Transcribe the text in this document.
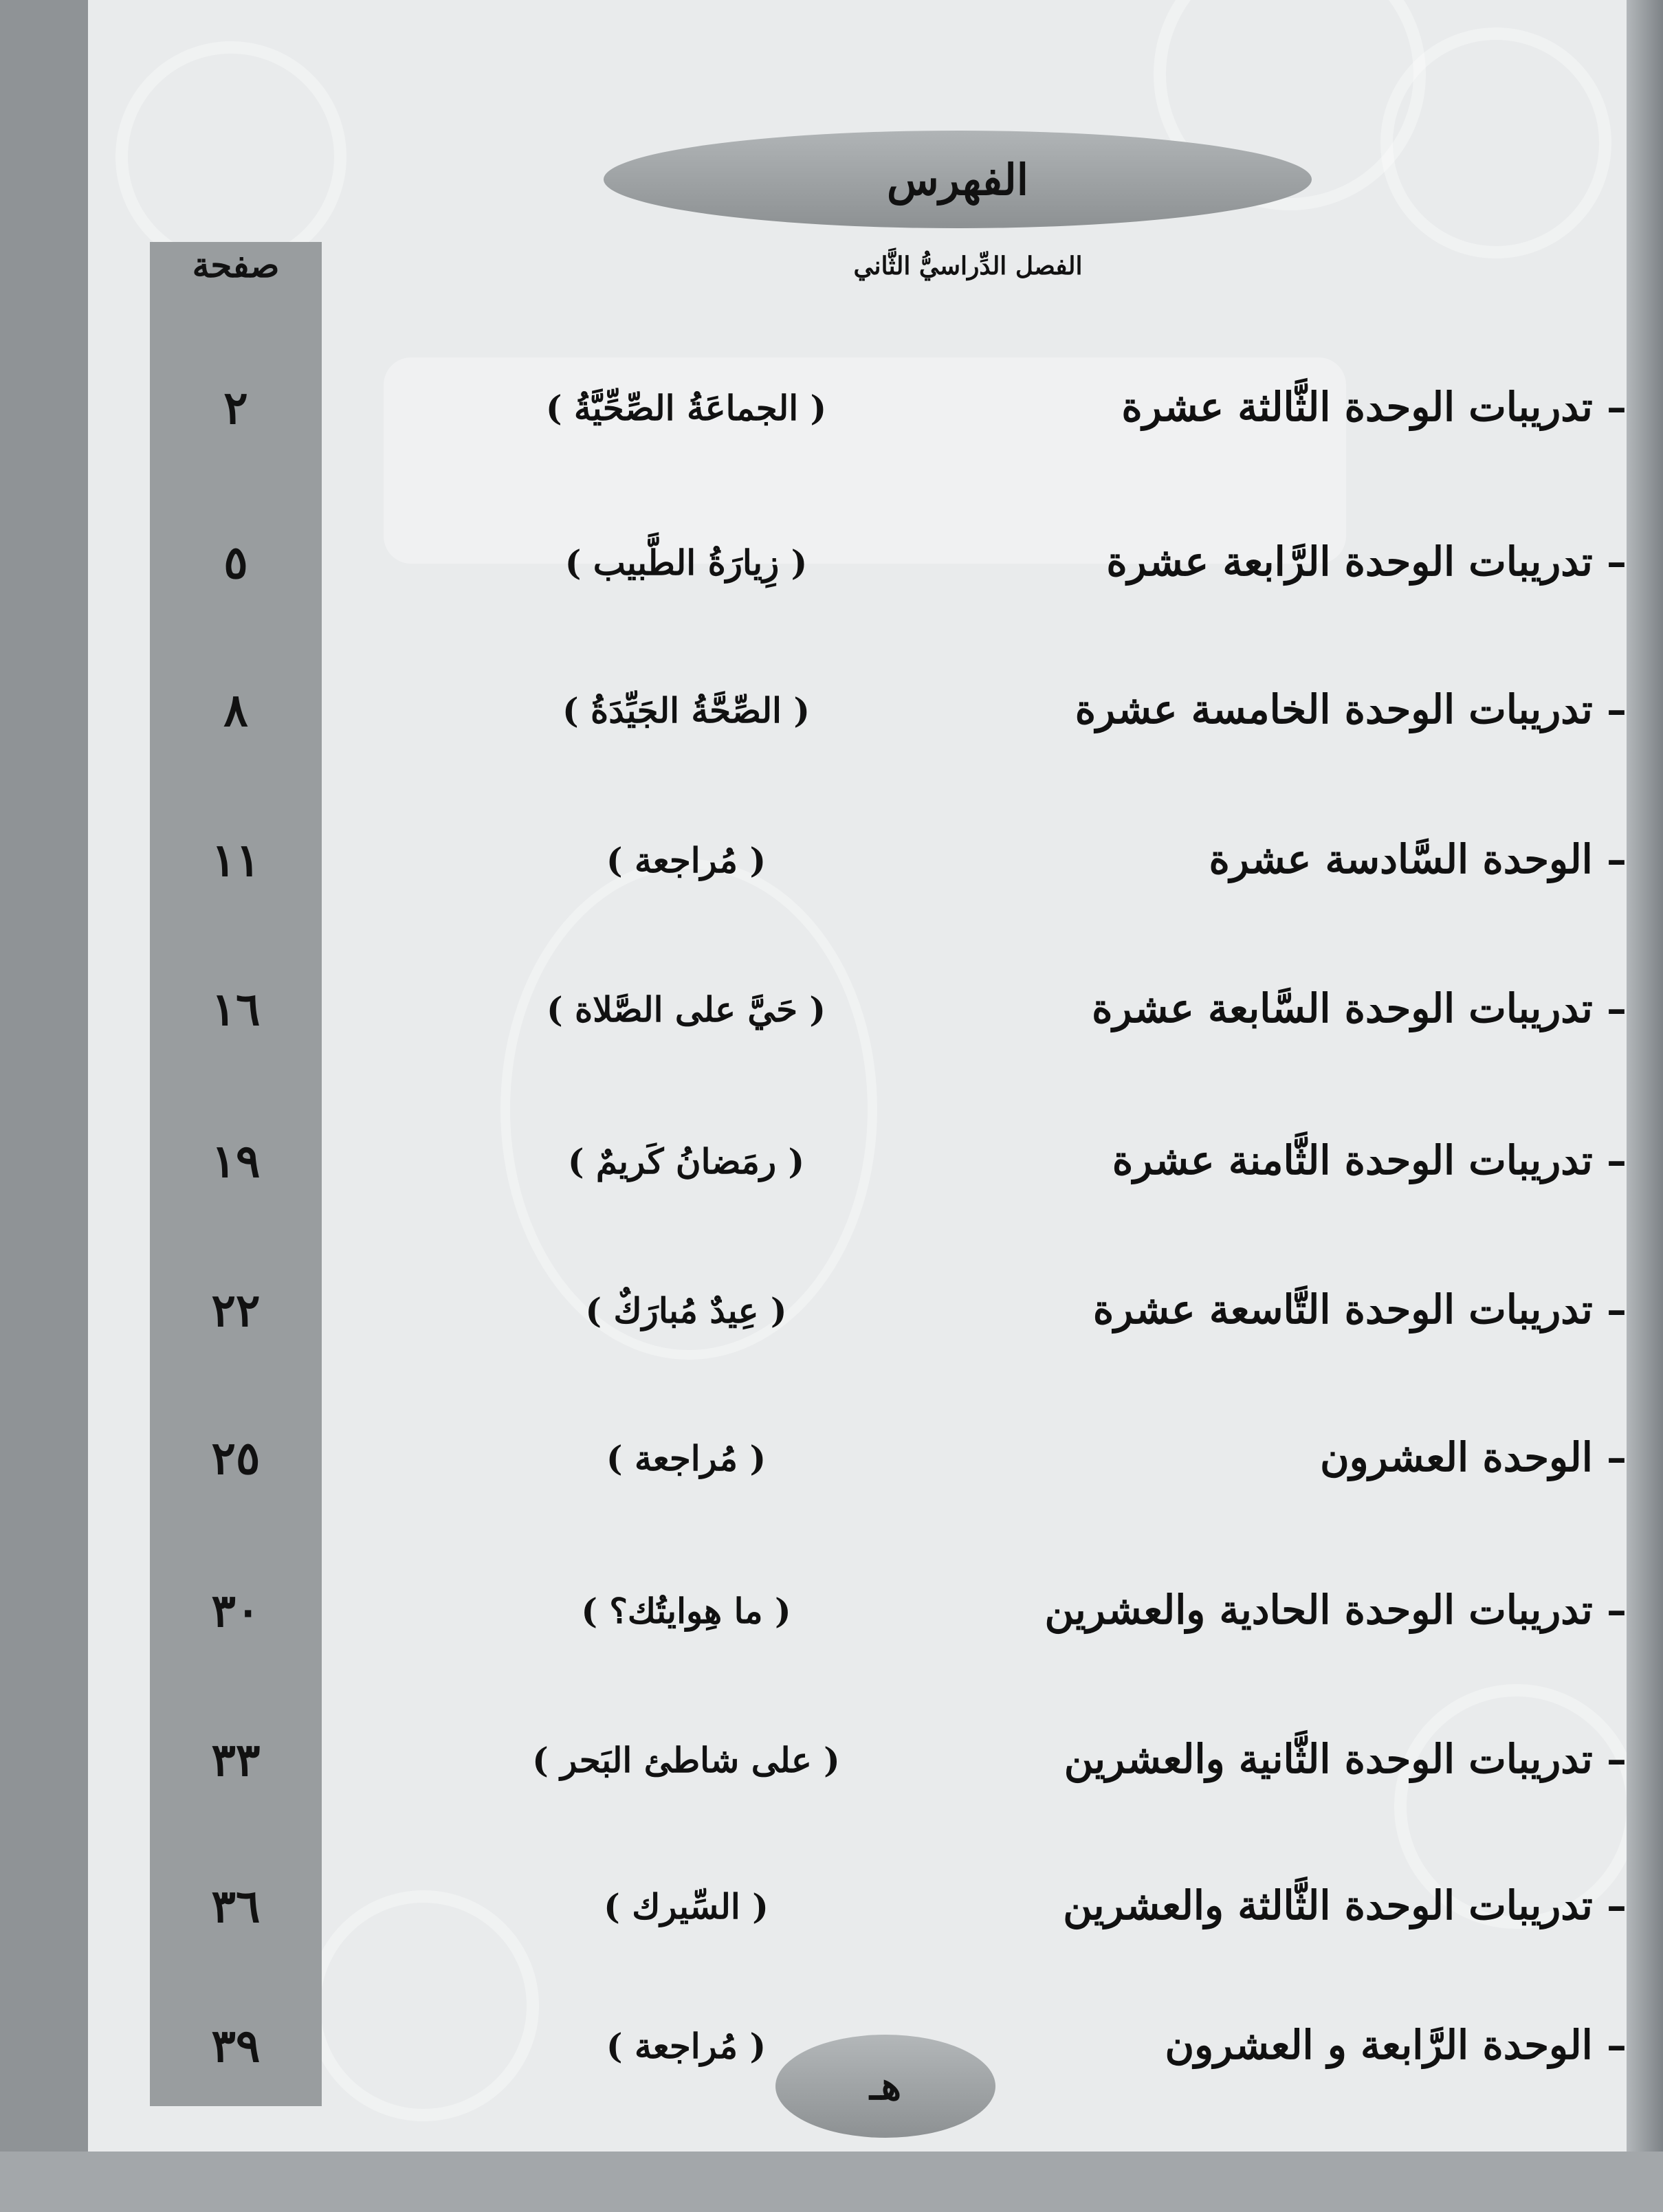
الفهرس
الفصل الدِّراسيُّ الثَّاني
صفحة
– تدريبات الوحدة الثَّالثة عشرة
( الجماعَةُ الصِّحِّيَّةُ )
٢
– تدريبات الوحدة الرَّابعة عشرة
( زِيارَةُ الطَّبيب )
٥
– تدريبات الوحدة الخامسة عشرة
( الصِّحَّةُ الجَيِّدَةُ )
٨
– الوحدة السَّادسة عشرة
( مُراجعة )
١١
– تدريبات الوحدة السَّابعة عشرة
( حَيَّ على الصَّلاة )
١٦
– تدريبات الوحدة الثَّامنة عشرة
( رمَضانُ كَريمٌ )
١٩
– تدريبات الوحدة التَّاسعة عشرة
( عِيدٌ مُبارَكٌ )
٢٢
– الوحدة العشرون
( مُراجعة )
٢٥
– تدريبات الوحدة الحادية والعشرين
( ما هِوايتُك؟ )
٣٠
– تدريبات الوحدة الثَّانية والعشرين
( على شاطئ البَحر )
٣٣
– تدريبات الوحدة الثَّالثة والعشرين
( السِّيرك )
٣٦
– الوحدة الرَّابعة و العشرون
( مُراجعة )
٣٩
هـ
